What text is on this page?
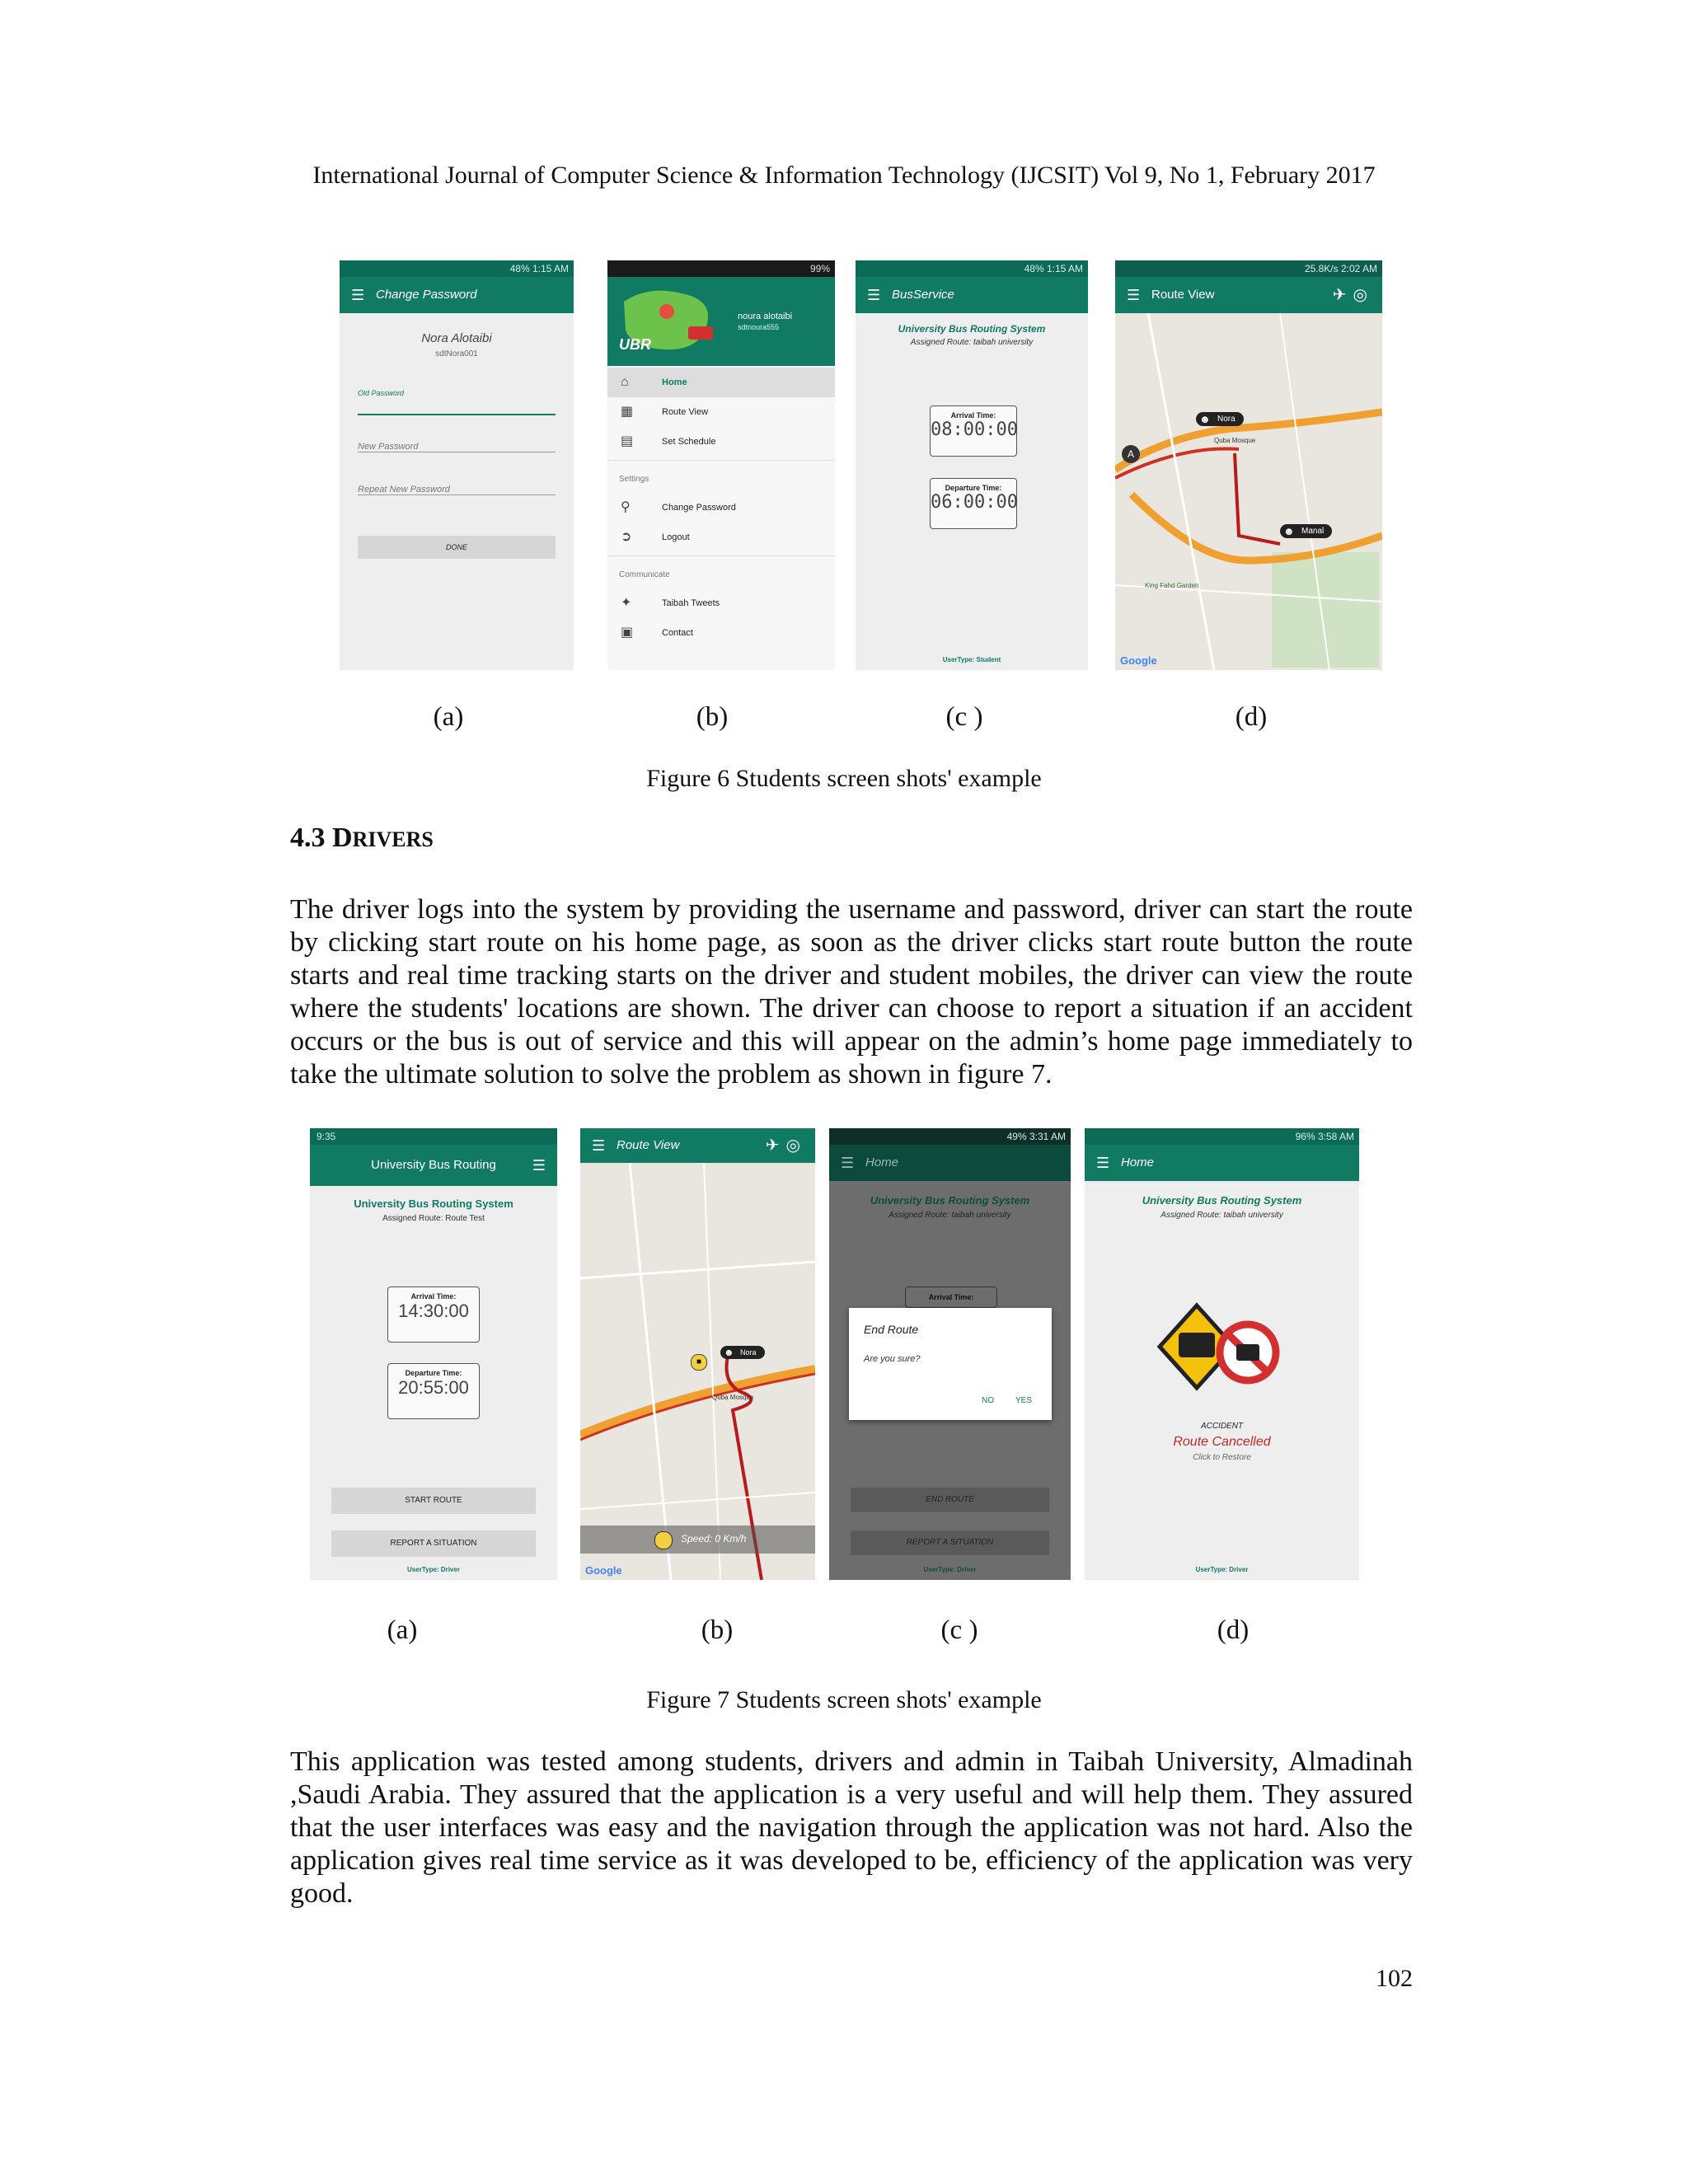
International Journal of Computer Science & Information Technology (IJCSIT) Vol 9, No 1, February 2017
48% 1:15 AM
☰ Change Password
Nora Alotaibi
sdtNora001
Old Password
New Password
Repeat New Password
DONE
99%
UBR
noura alotaibi
sdtnoura555
⌂	Home
▦	Route View
▤	Set Schedule
Settings
⚲	Change Password
➲	Logout
Communicate
✦	Taibah Tweets
▣	Contact
48% 1:15 AM
☰ BusService
University Bus Routing System
Assigned Route: taibah university
Arrival Time:
08:00:00
Departure Time:
06:00:00
UserType: Student
25.8K/s 2:02 AM
☰ Route View	✈◎
☻ Nora
☻ Manal
A
Quba Mosque
King Fahd Garden
Google
(a)	(b)	(c )	(d)
Figure 6 Students screen shots' example
4.3 DRIVERS
The driver logs into the system by providing the username and password, driver can start the route by clicking start route on his home page, as soon as the driver clicks start route button the route starts and real time tracking starts on the driver and student mobiles, the driver can view the route where the students' locations are shown. The driver can choose to report a situation if an accident occurs or the bus is out of service and this will appear on the admin’s home page immediately to take the ultimate solution to solve the problem as shown in figure 7.
9:35
University Bus Routing ☰
University Bus Routing System
Assigned Route: Route Test
Arrival Time:
14:30:00
Departure Time:
20:55:00
START ROUTE
REPORT A SITUATION
UserType: Driver
☰ Route View	✈◎
☻ Nora
■
Quba Mosque
Speed: 0 Km/h
Google
49% 3:31 AM
☰ Home
University Bus Routing System
Assigned Route: taibah university
Arrival Time:
End Route
Are you sure?
NO	YES
END ROUTE
REPORT A SITUATION
UserType: Driver
96% 3:58 AM
☰ Home
University Bus Routing System
Assigned Route: taibah university
ACCIDENT
Route Cancelled
Click to Restore
UserType: Driver
(a)	(b)	(c )	(d)
Figure 7 Students screen shots' example
This application was tested among students, drivers and admin in Taibah University, Almadinah ,Saudi Arabia. They assured that the application is a very useful and will help them. They assured that the user interfaces was easy and the navigation through the application was not hard. Also the application gives real time service as it was developed to be, efficiency of the application was very good.
102
